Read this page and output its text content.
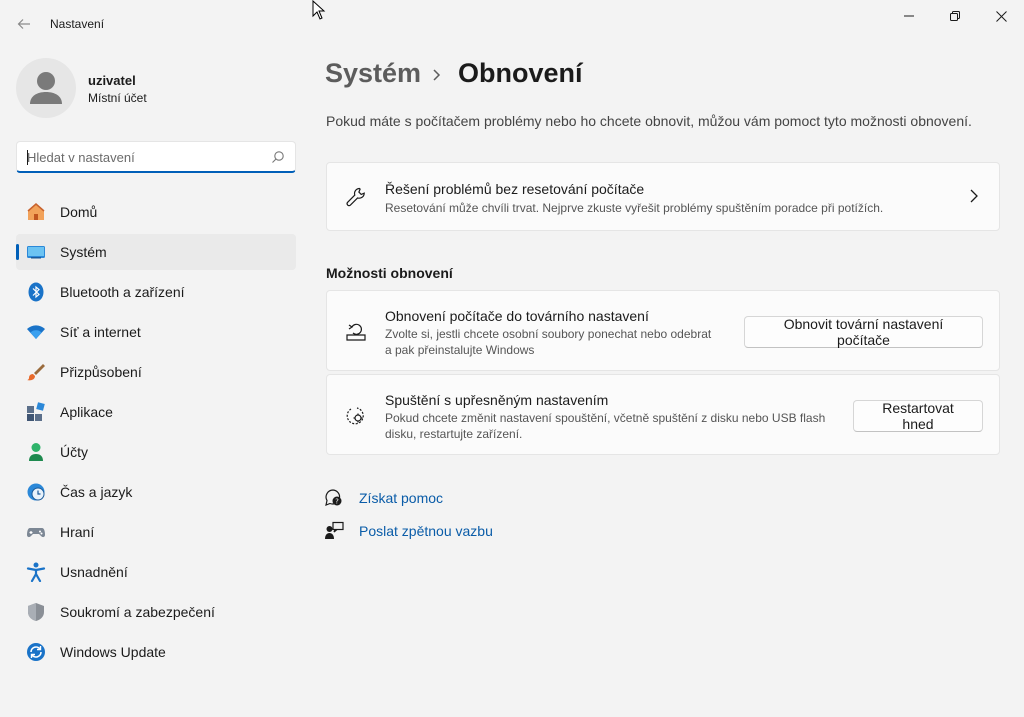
Nastavení
uzivatel
Místní účet
Hledat v nastavení
Domů
Systém
Bluetooth a zařízení
Síť a internet
Přizpůsobení
Aplikace
Účty
Čas a jazyk
Hraní
Usnadnění
Soukromí a zabezpečení
Windows Update
Systém Obnovení

Pokud máte s počítačem problémy nebo ho chcete obnovit, můžou vám pomoct tyto možnosti obnovení.

Řešení problémů bez resetování počítače
Resetování může chvíli trvat. Nejprve zkuste vyřešit problémy spuštěním poradce při potížích.
Možnosti obnovení
Obnovení počítače do továrního nastavení
Zvolte si, jestli chcete osobní soubory ponechat nebo odebrat
a pak přeinstalujte Windows
Obnovit tovární nastavení počítače
Spuštění s upřesněným nastavením
Pokud chcete změnit nastavení spouštění, včetně spuštění z disku nebo USB flash
disku, restartujte zařízení.
Restartovat hned
? Získat pomoc
Poslat zpětnou vazbu
